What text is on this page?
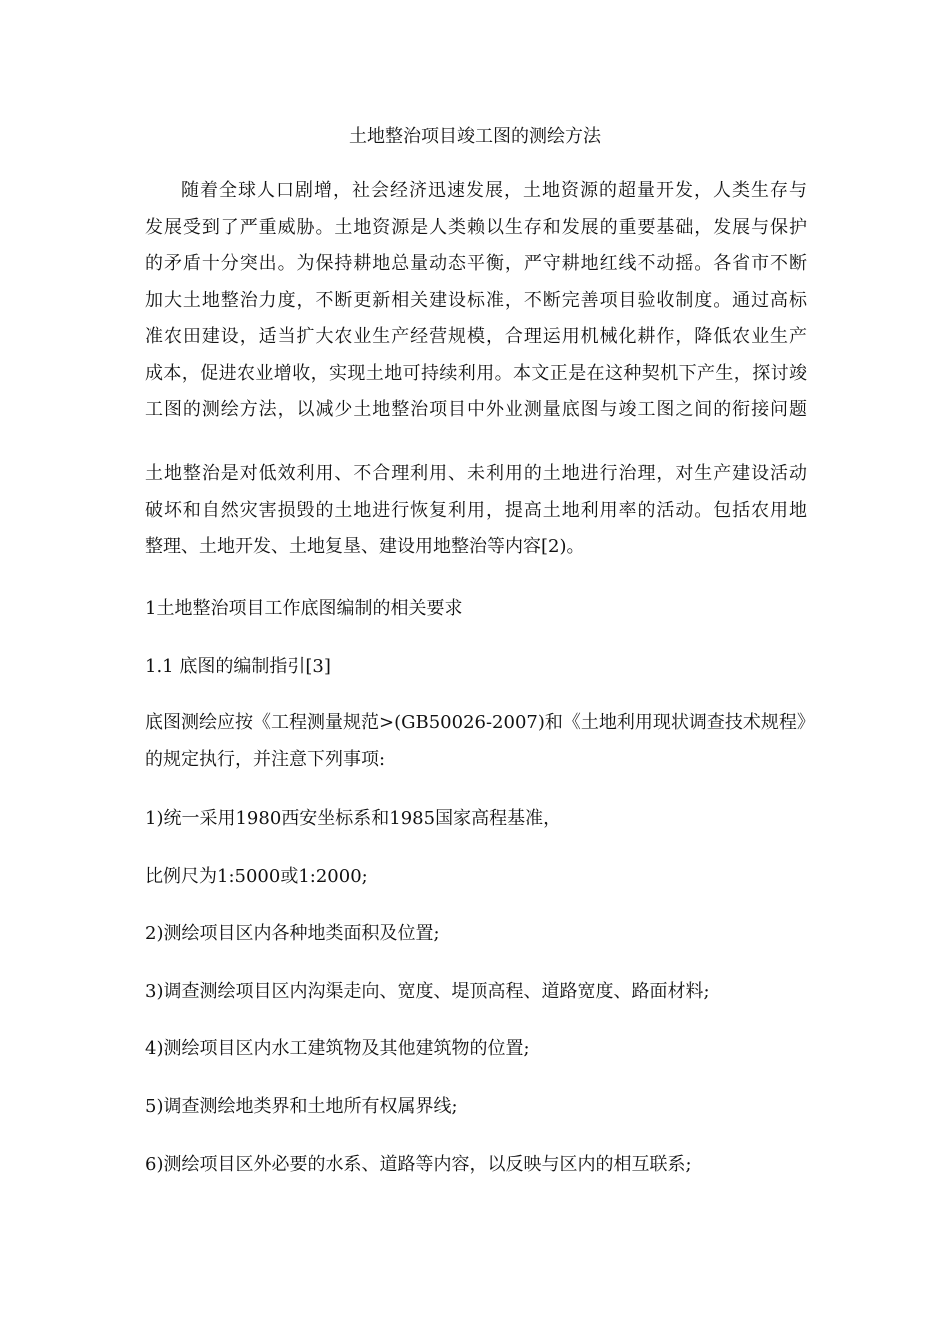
土地整治项目竣工图的测绘方法
随着全球人口剧增，社会经济迅速发展，土地资源的超量开发，人类生存与
发展受到了严重威胁。土地资源是人类赖以生存和发展的重要基础，发展与保护
的矛盾十分突出。为保持耕地总量动态平衡，严守耕地红线不动摇。各省市不断
加大土地整治力度，不断更新相关建设标准，不断完善项目验收制度。通过高标
准农田建设，适当扩大农业生产经营规模，合理运用机械化耕作，降低农业生产
成本，促进农业增收，实现土地可持续利用。本文正是在这种契机下产生，探讨竣
工图的测绘方法，以减少土地整治项目中外业测量底图与竣工图之间的衔接问题
土地整治是对低效利用、不合理利用、未利用的土地进行治理，对生产建设活动
破坏和自然灾害损毁的土地进行恢复利用，提高土地利用率的活动。包括农用地
整理、土地开发、土地复垦、建设用地整治等内容[2)。

1土地整治项目工作底图编制的相关要求

1.1 底图的编制指引[3]

底图测绘应按《工程测量规范>(GB50026-2007)和《土地利用现状调查技术规程》
的规定执行，并注意下列事项:

1)统一采用1980西安坐标系和1985国家高程基准，

比例尺为1:5000或1:2000;

2)测绘项目区内各种地类面积及位置;

3)调查测绘项目区内沟渠走向、宽度、堤顶高程、道路宽度、路面材料;

4)测绘项目区内水工建筑物及其他建筑物的位置;

5)调查测绘地类界和土地所有权属界线;

6)测绘项目区外必要的水系、道路等内容，以反映与区内的相互联系;
